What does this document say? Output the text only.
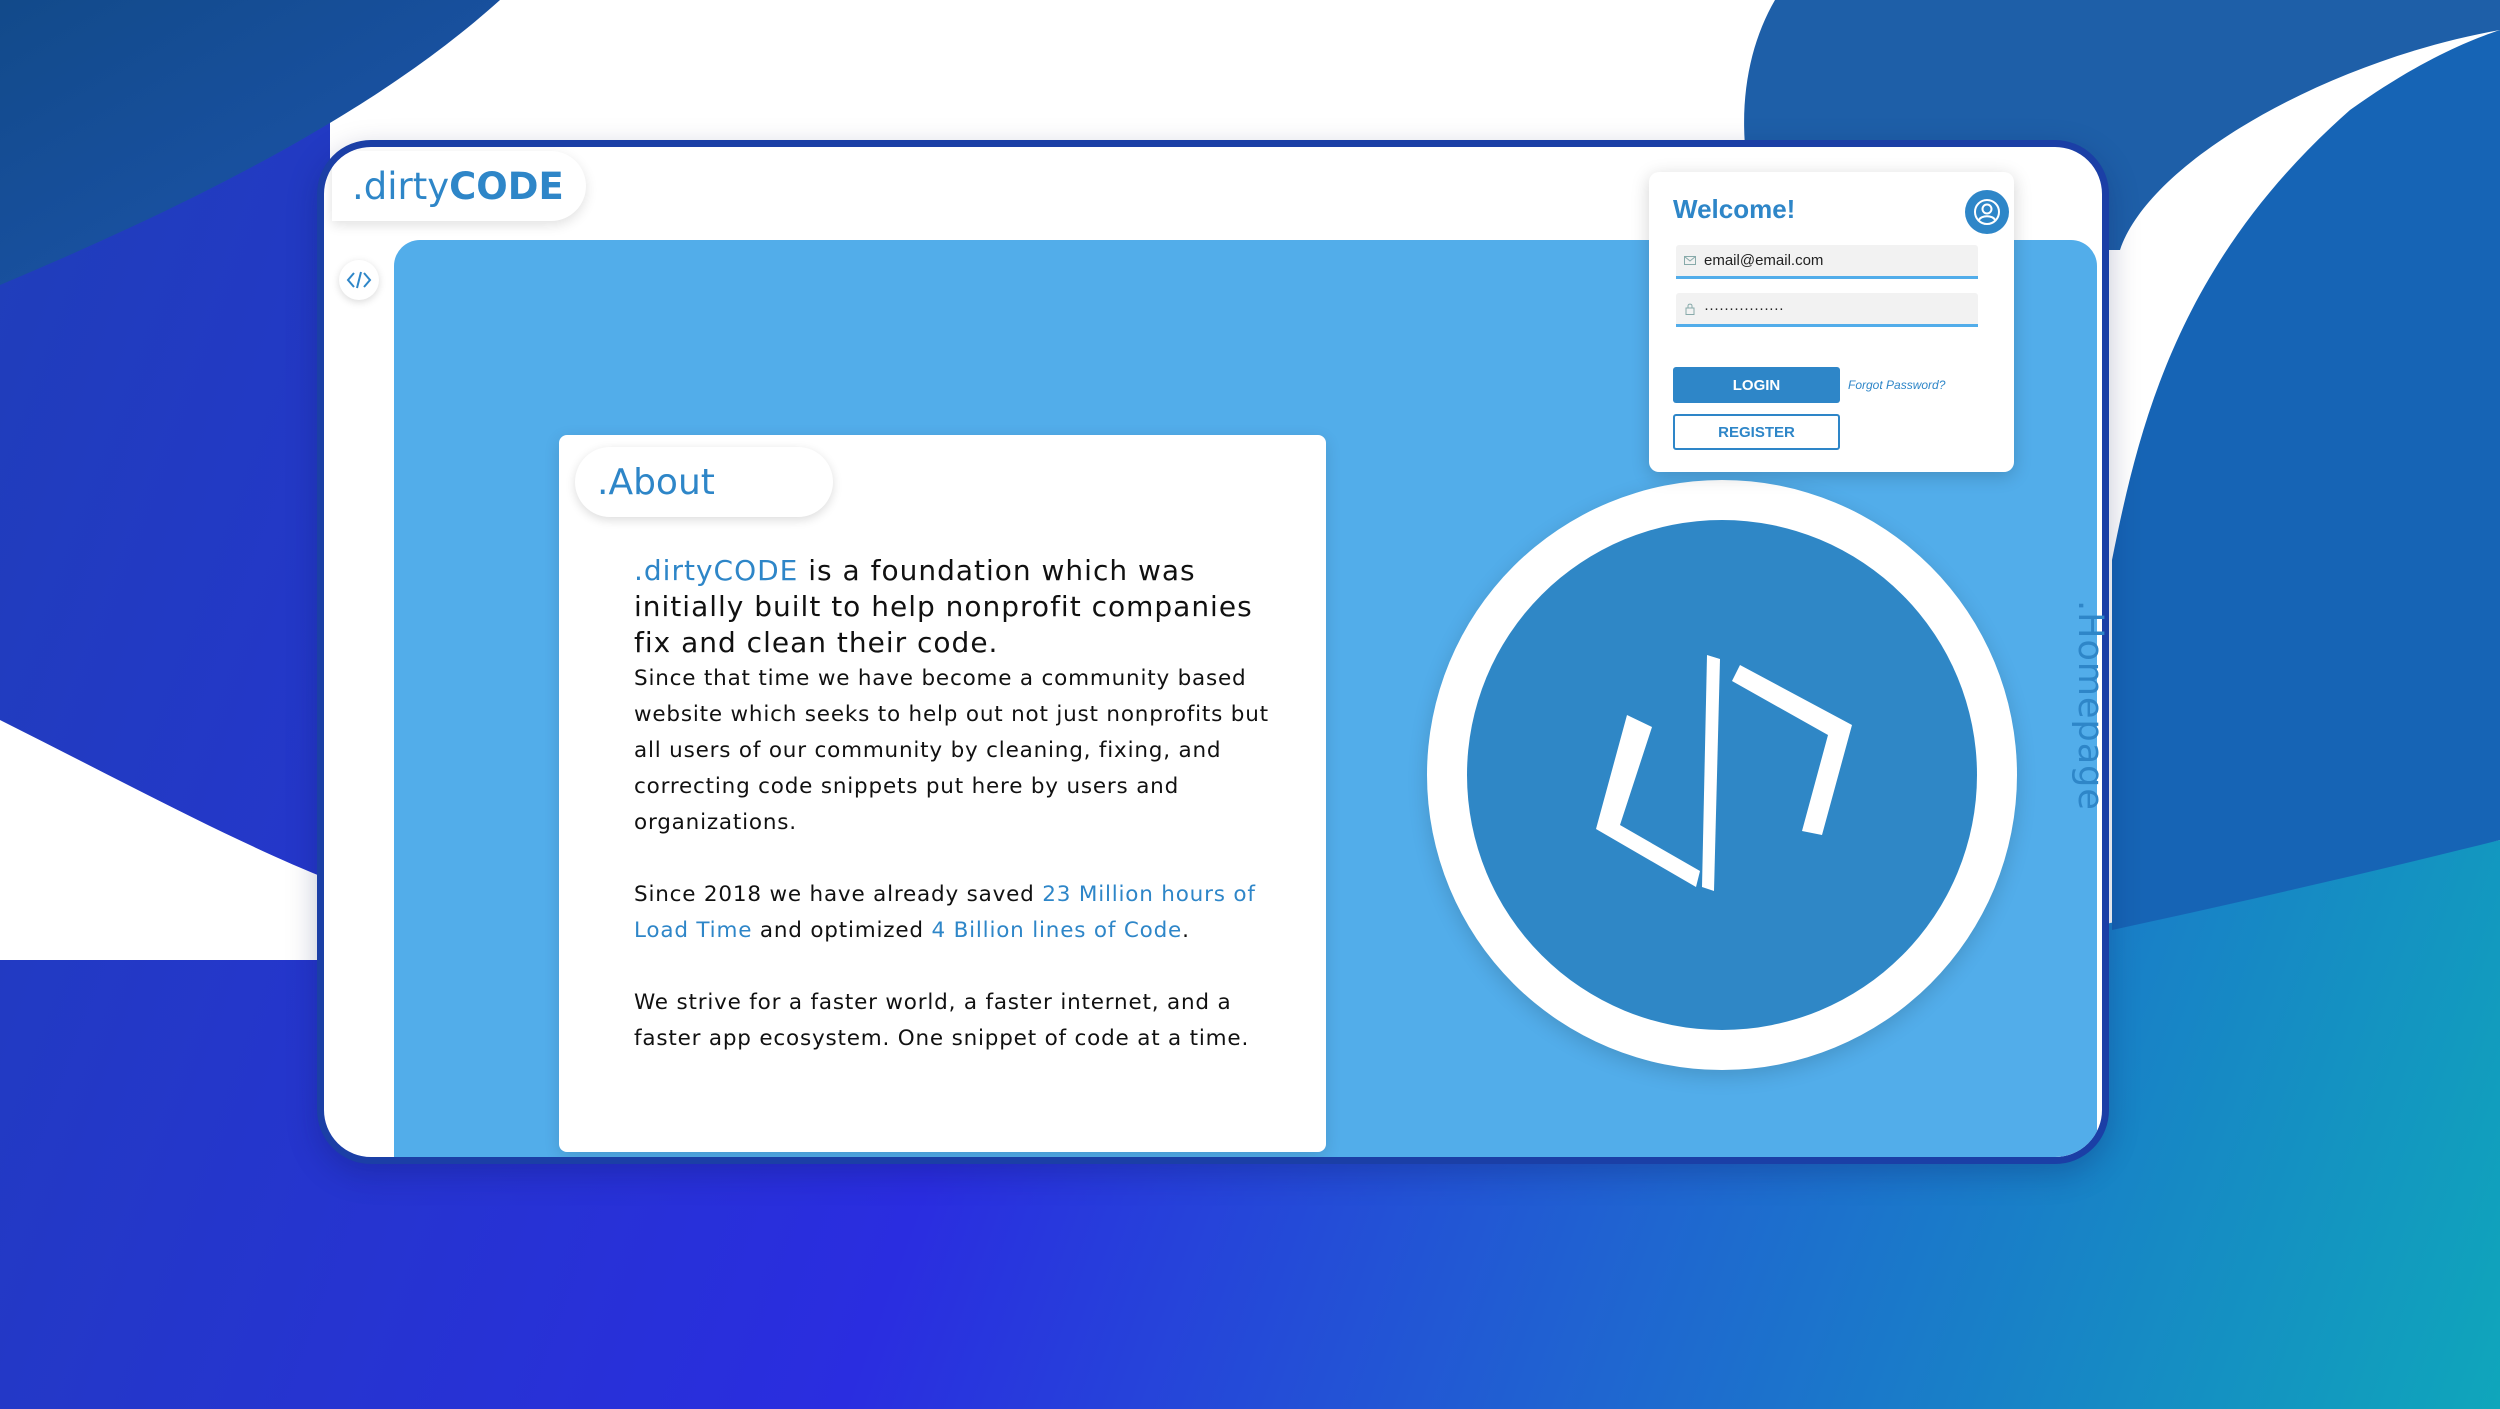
.About

.dirtyCODE is a foundation which was initially built to help nonprofit companies fix and clean their code.

Since that time we have become a community based website which seeks to help out not just nonprofits but all users of our community by cleaning, fixing, and correcting code snippets put here by users and organizations.

Since 2018 we have already saved 23 Million hours of Load Time and optimized 4 Billion lines of Code.

We strive for a faster world, a faster internet, and a faster app ecosystem. One snippet of code at a time.

.dirty CODE
Welcome!
email@email.com
················
LOGIN	Forgot Password?
REGISTER
.Homepage
